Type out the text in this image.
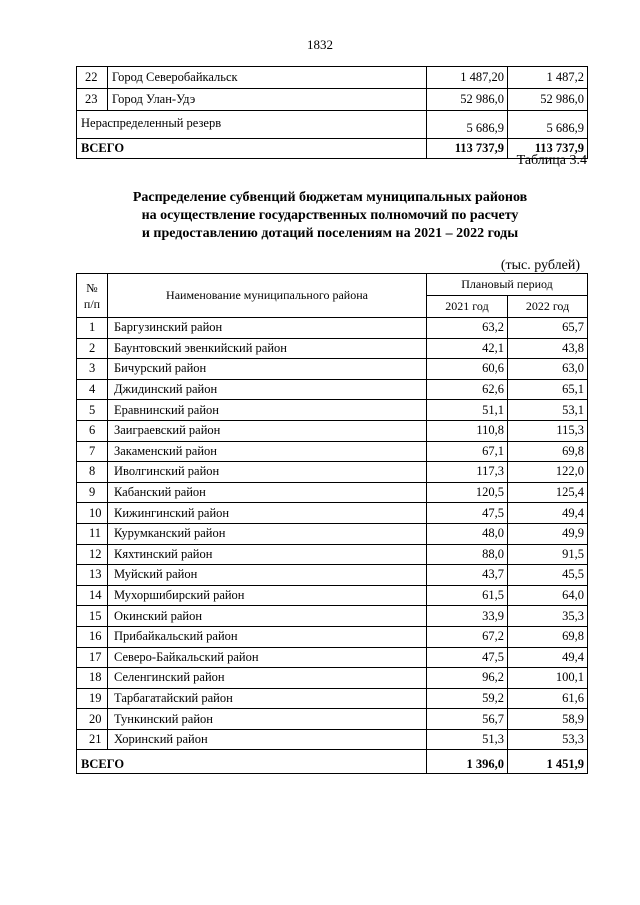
1832
22	Город Северобайкальск	1 487,20	1 487,2
23	Город Улан-Удэ	52 986,0	52 986,0
Нераспределенный резерв		5 686,9	5 686,9
ВСЕГО		113 737,9	113 737,9
Таблица 3.4
Распределение субвенций бюджетам муниципальных районов
на осуществление государственных полномочий по расчету
и предоставлению дотаций поселениям на 2021 – 2022 годы
(тыс. рублей)
№
п/п	Наименование муниципального района	Плановый период	
		2021 год	2022 год
1	Баргузинский район	63,2	65,7
2	Баунтовский эвенкийский район	42,1	43,8
3	Бичурский район	60,6	63,0
4	Джидинский район	62,6	65,1
5	Еравнинский район	51,1	53,1
6	Заиграевский район	110,8	115,3
7	Закаменский район	67,1	69,8
8	Иволгинский район	117,3	122,0
9	Кабанский район	120,5	125,4
10	Кижингинский район	47,5	49,4
11	Курумканский район	48,0	49,9
12	Кяхтинский район	88,0	91,5
13	Муйский район	43,7	45,5
14	Мухоршибирский район	61,5	64,0
15	Окинский район	33,9	35,3
16	Прибайкальский район	67,2	69,8
17	Северо-Байкальский район	47,5	49,4
18	Селенгинский район	96,2	100,1
19	Тарбагатайский район	59,2	61,6
20	Тункинский район	56,7	58,9
21	Хоринский район	51,3	53,3
ВСЕГО		1 396,0	1 451,9
